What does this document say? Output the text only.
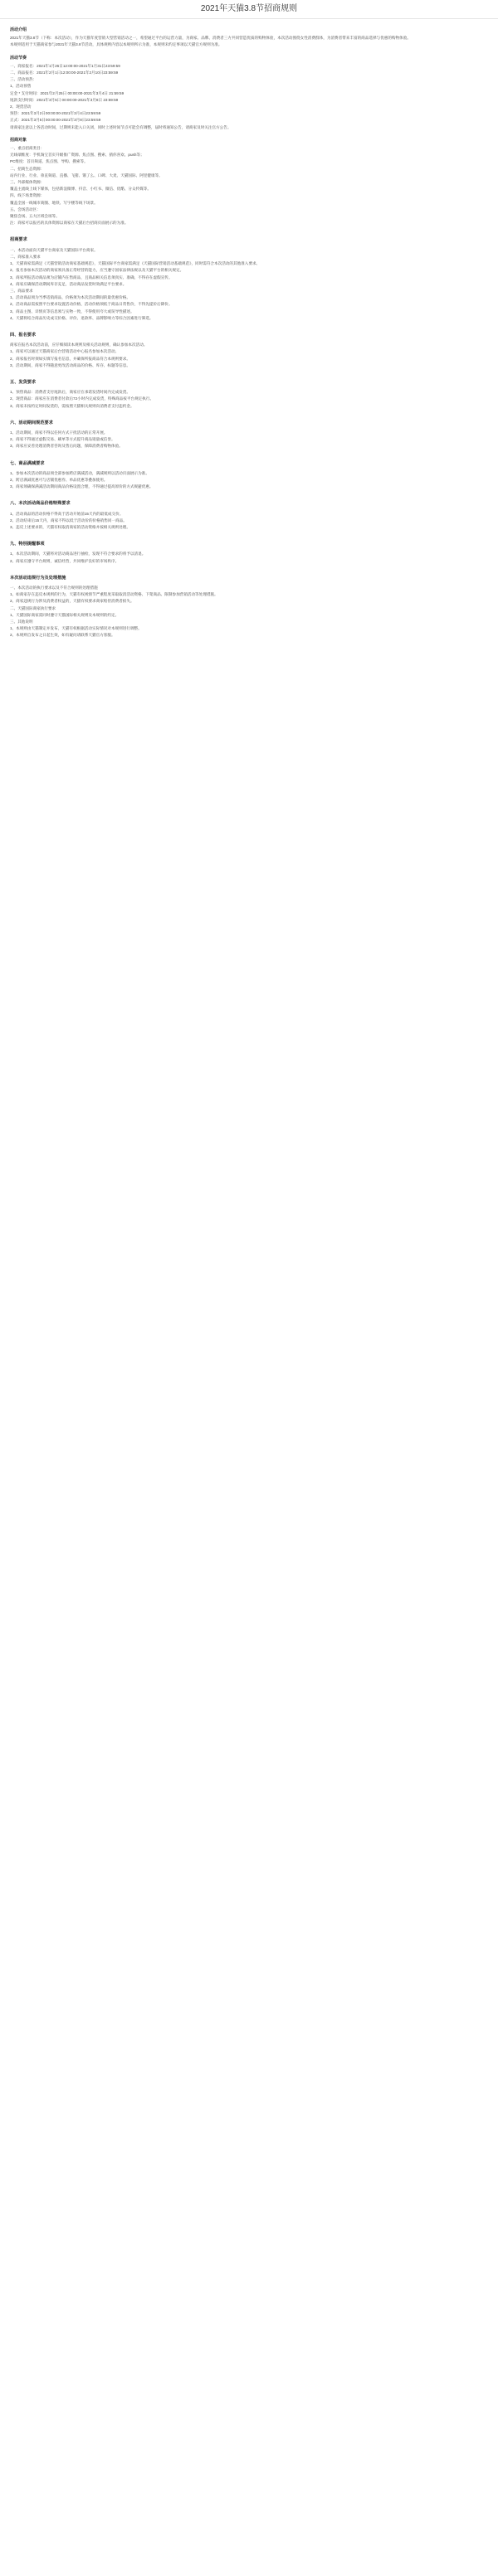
2021年天猫3.8节招商规则
活动介绍

2021年天猫3.8节（下称：本次活动），作为天猫年度营销大型营销活动之一，希望通过平台的运营力量，为商家、品牌、消费者三方共同营造优质的购物体验，本次活动围绕女性消费群体，为消费者带来丰富的商品选择与优惠的购物体验。

本规则适用于天猫商家参与2021年天猫3.8节活动，具体规则内容以本规则所示为准，本规则未约定事项以天猫官方规则为准。

活动节奏

一、商家报名：2021年1月26日12:00:00-2021年1月31日23:59:59

二、商品报名：2021年2月1日12:00:00-2021年2月10日23:59:59

三、活动预热：

1、活动预售

定金 * 支付时间：2021年2月25日 00:00:00-2021年3月4日 21:59:59

尾款支付时间：2021年3月5日 00:00:00-2021年3月8日 23:59:59

2、现货活动

预热：2021年3月2日00:00:00-2021年3月4日23:59:59

正式：2021年3月5日00:00:00-2021年3月8日23:59:59

请商家注意以上各活动时间，过期则未能入口关闭，同时上述时间节点可能会有调整，届时将通知公告，请商家及时关注官方公告。

招商对象

一、重点招商类目：

无线端维度：手机淘宝首页升级推广资源、焦点图、搜索、猜你喜欢、push等；

PC维度：首页频道、焦点图、导购、搜索等。

二、招商生态资源：

站内行业、行业、垂直频道、直播、飞猪、饿了么、口碑、大麦、天猫国际、阿里健康等。

三、外部媒体资源：

覆盖主流线上线下媒体，包括新浪微博、抖音、小红书、微信、优酷、分众传媒等。

四、线下场景资源：

覆盖全国一线城市商圈、地铁、写字楼等线下场景。

五、会场活动区：

聚焦会场、五大区域会场等。

注：商家可以报名的具体资源以商家在天猫后台招商页面展示的为准。

招商要求

一、本活动面向天猫平台商家及天猫国际平台商家。

二、商家准入要求

1、天猫商家需满足《天猫营销活动商家基础规范》，天猫国际平台商家需满足《天猫国际营销活动基础规范》，同时需符合本次活动的其他准入要求。

2、报名参加本次活动的商家须具备正常经营的能力，应当遵守国家法律法规以及天猫平台的相关规定。

3、商家所报活动商品须为店铺内在售商品，且商品相关信息须真实、准确，不得存在虚假宣传。

4、商家应确保活动期间库存充足，活动商品发货时效满足平台要求。

三、商品要求

1、活动商品须为当季适销商品，价格须为本次活动期间的最优惠价格。

2、活动商品需按照平台要求设置活动价格，活动价格须低于商品日常售价，不得先提价后降价。

3、商品主图、详情页等信息须与实物一致，不得使用夸大或误导性描述。

4、天猫将结合商品历史成交价格、评价、退款率、品牌影响力等综合因素进行筛选。

四、报名要求

商家在报名本次活动前，应仔细阅读本规则及相关活动规则，确认参加本次活动。

1、商家可以通过天猫商家后台营销活动中心报名参加本次活动。

2、商家报名时须如实填写报名信息，并确保所报商品符合本规则要求。

3、活动期间，商家不得随意更改活动商品的价格、库存、标题等信息。

五、发货要求

1、预售商品：消费者支付尾款后，商家应在承诺发货时间内完成发货。

2、现货商品：商家应在消费者付款后72小时内完成发货，特殊商品按平台规定执行。

3、商家未按约定时间发货的，需按照天猫相关规则向消费者支付违约金。

六、活动期间规范要求

1、活动期间，商家不得以任何方式干扰活动的正常开展。

2、商家不得通过虚假交易、刷单等方式提升商品销量或信誉。

3、商家应妥善处理消费者咨询及售后问题，保障消费者购物体验。

七、商品满减要求

1、参加本次活动的商品须全部参加跨店满减活动，满减规则以活动页面展示为准。

2、跨店满减优惠可与店铺优惠券、单品优惠等叠加使用。

3、商家须确保满减活动期间商品价格设置合理，不得通过提高原价的方式规避优惠。

八、本次活动商品价格特殊要求

1、活动商品的活动价格不得高于活动开始前15天内的最低成交价。

2、活动结束后15天内，商家不得以低于活动价的价格销售同一商品。

3、违反上述要求的，天猫有权取消商家的活动资格并按相关规则处理。

九、特别提醒事项

1、本次活动期间，天猫将对活动商品进行抽检，发现不符合要求的将予以清退。

2、商家应遵守平台规则，诚信经营，共同维护良好的市场秩序。

本次活动违规行为及处理措施

一、本次活动的执行要求以及不符合规则的处理措施

1、如商家存在违反本规则的行为，天猫有权视情节严重程度采取取消活动资格、下架商品、限制参加营销活动等处理措施。

2、商家违规行为涉及消费者权益的，天猫有权要求商家赔偿消费者损失。

二、天猫国际商家执行要求

1、天猫国际商家需同时遵守天猫国际相关规则及本规则的约定。

三、其他说明

1、本规则由天猫制定并发布，天猫有权根据活动实际情况对本规则进行调整。

2、本规则自发布之日起生效，如有疑问请联系天猫官方客服。
